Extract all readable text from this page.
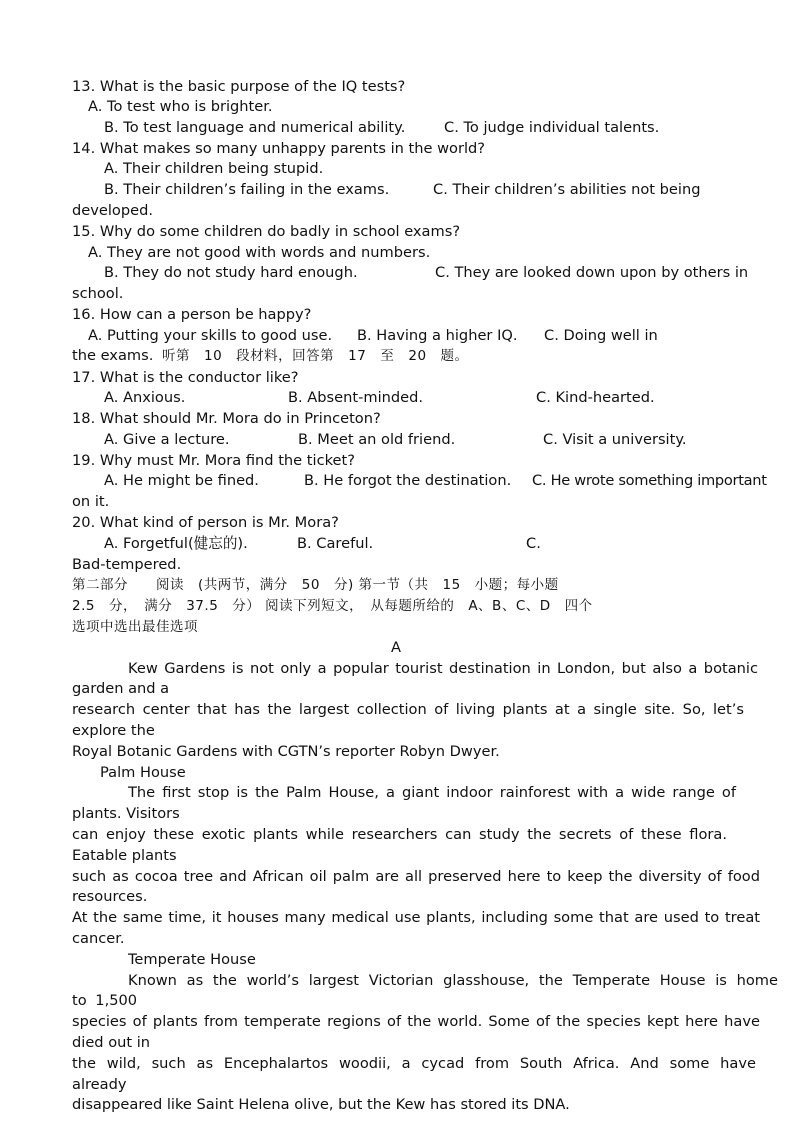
13. What is the basic purpose of the IQ tests?
A. To test who is brighter.
B. To test language and numerical ability.	C. To judge individual talents.
14. What makes so many unhappy parents in the world?
A. Their children being stupid.
B. Their children’s failing in the exams.	C. Their children’s abilities not being
developed.
15. Why do some children do badly in school exams?
A. They are not good with words and numbers.
B. They do not study hard enough.	C. They are looked down upon by others in
school.
16. How can a person be happy?
A. Putting your skills to good use. B. Having a higher IQ. C. Doing well in
the exams. 听第　10　段材料，回答第　17　至　20　题。
17. What is the conductor like?
A. Anxious.	B. Absent-minded.	C. Kind-hearted.
18. What should Mr. Mora do in Princeton?
A. Give a lecture.	B. Meet an old friend.	C. Visit a university.
19. Why must Mr. Mora find the ticket?
A. He might be fined.	B. He forgot the destination. C. He wrote something important
on it.
20. What kind of person is Mr. Mora?
A. Forgetful(健忘的).	B. Careful.	C.
Bad-tempered.
第二部分　　阅读　(共两节，满分　50　分) 第一节（共　15　小题；每小题
2.5　分，　满分　37.5　分） 阅读下列短文，　从每题所给的　A、B、C、D　四个
选项中选出最佳选项
A
Kew Gardens is not only a popular tourist destination in London, but also a botanic
garden and a
research center that has the largest collection of living plants at a single site. So, let’s
explore the
Royal Botanic Gardens with CGTN’s reporter Robyn Dwyer.
Palm House
The first stop is the Palm House, a giant indoor rainforest with a wide range of
plants. Visitors
can enjoy these exotic plants while researchers can study the secrets of these flora.
Eatable plants
such as cocoa tree and African oil palm are all preserved here to keep the diversity of food
resources.
At the same time, it houses many medical use plants, including some that are used to treat
cancer.
Temperate House
Known as the world’s largest Victorian glasshouse, the Temperate House is home
to 1,500
species of plants from temperate regions of the world. Some of the species kept here have
died out in
the wild, such as Encephalartos woodii, a cycad from South Africa. And some have
already
disappeared like Saint Helena olive, but the Kew has stored its DNA.
